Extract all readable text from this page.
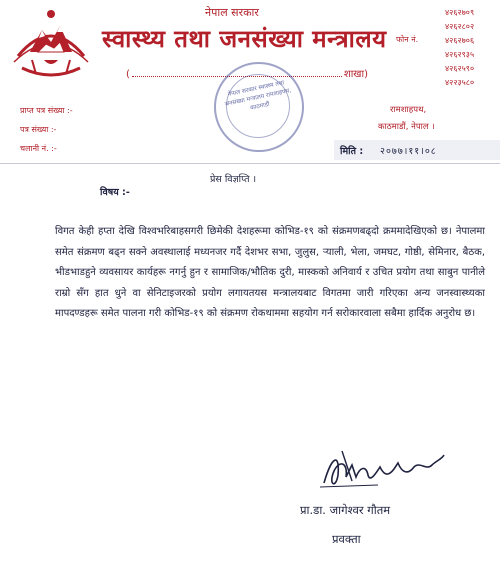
नेपाल सरकार
स्वास्थ्य तथा जनसंख्या मन्त्रालय
(	शाखा)
नेपाल सरकार स्वास्थ्य तथा जनसंख्या मन्त्रालय रामशाहपथ, काठमाडौं
फोन नं.
४२६२७०९
४२६२८०२
४२६२७०६
४२६२९३५
४२६२५९०
४२२३५८०
प्राप्त पत्र संख्या :-
पत्र संख्या :-
चलानी नं. :-
रामशाहपथ,
काठमाडौं, नेपाल ।
मिति : २०७७।११।०८
प्रेस विज्ञप्ति ।
विषय :-
विगत केही हप्ता देखि विश्वभरिबाहसगरी छिमेकी देशहरूमा कोभिड-१९ को संक्रमणबढ्दो क्रममादेखिएको छ। नेपालमा समेत संक्रमण बढ्न सक्ने अवस्थालाई मध्यनजर गर्दै देशभर सभा, जुलुस, र्‍याली, भेला, जमघट, गोष्ठी, सेमिनार, बैठक, भीडभाडहुने व्यवसायर कार्यहरू नगर्नु हुन र सामाजिक/भौतिक दुरी, मास्कको अनिवार्य र उचित प्रयोग तथा साबुन पानीले राम्रो सँग हात धुने वा सेनिटाइजरको प्रयोग लगायतयस मन्त्रालयबाट विगतमा जारी गरिएका अन्य जनस्वास्थ्यका मापदण्डहरू समेत पालना गरी कोभिड-१९ को संक्रमण रोकथाममा सहयोग गर्न सरोकारवाला सबैमा हार्दिक अनुरोध छ।
प्रा.डा. जागेश्वर गौतम
प्रवक्ता
